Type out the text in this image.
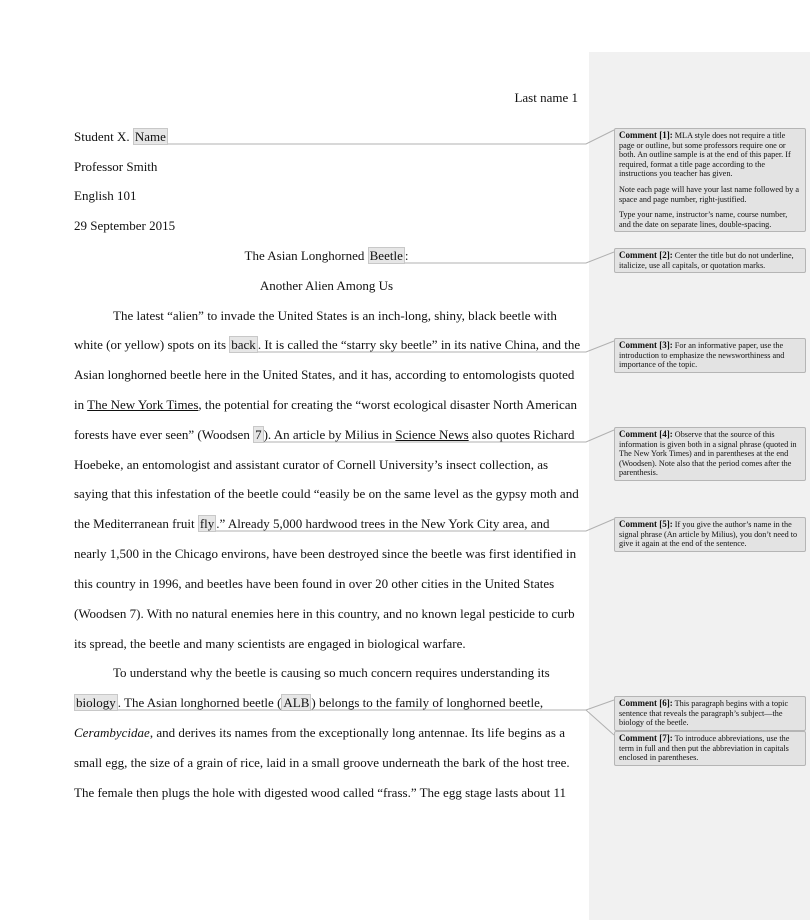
Last name 1
Student X. Name
Professor Smith
English 101
29 September 2015
The Asian Longhorned Beetle :
Another Alien Among Us
The latest “alien” to invade the United States is an inch-long, shiny, black beetle with
white (or yellow) spots on its back . It is called the “starry sky beetle” in its native China, and the
Asian longhorned beetle here in the United States, and it has, according to entomologists quoted
in The New York Times, the potential for creating the “worst ecological disaster North American
forests have ever seen” (Woodsen 7 ). An article by Milius in Science News also quotes Richard
Hoebeke, an entomologist and assistant curator of Cornell University’s insect collection, as
saying that this infestation of the beetle could “easily be on the same level as the gypsy moth and
the Mediterranean fruit fly .” Already 5,000 hardwood trees in the New York City area, and
nearly 1,500 in the Chicago environs, have been destroyed since the beetle was first identified in
this country in 1996, and beetles have been found in over 20 other cities in the United States
(Woodsen 7). With no natural enemies here in this country, and no known legal pesticide to curb
its spread, the beetle and many scientists are engaged in biological warfare.
To understand why the beetle is causing so much concern requires understanding its
biology . The Asian longhorned beetle ( ALB ) belongs to the family of longhorned beetle,
Cerambycidae, and derives its names from the exceptionally long antennae. Its life begins as a
small egg, the size of a grain of rice, laid in a small groove underneath the bark of the host tree.
The female then plugs the hole with digested wood called “frass.” The egg stage lasts about 11

Comment [1]: MLA style does not require a title page or outline, but some professors require one or both. An outline sample is at the end of this paper. If required, format a title page according to the instructions you teacher has given.

Note each page will have your last name followed by a space and page number, right-justified.

Type your name, instructor’s name, course number, and the date on separate lines, double-spacing.

Comment [2]: Center the title but do not underline, italicize, use all capitals, or quotation marks.

Comment [3]: For an informative paper, use the introduction to emphasize the newsworthiness and importance of the topic.

Comment [4]: Observe that the source of this information is given both in a signal phrase (quoted in The New York Times) and in parentheses at the end (Woodsen). Note also that the period comes after the parenthesis.

Comment [5]: If you give the author’s name in the signal phrase (An article by Milius), you don’t need to give it again at the end of the sentence.

Comment [6]: This paragraph begins with a topic sentence that reveals the paragraph’s subject—the biology of the beetle.

Comment [7]: To introduce abbreviations, use the term in full and then put the abbreviation in capitals enclosed in parentheses.
